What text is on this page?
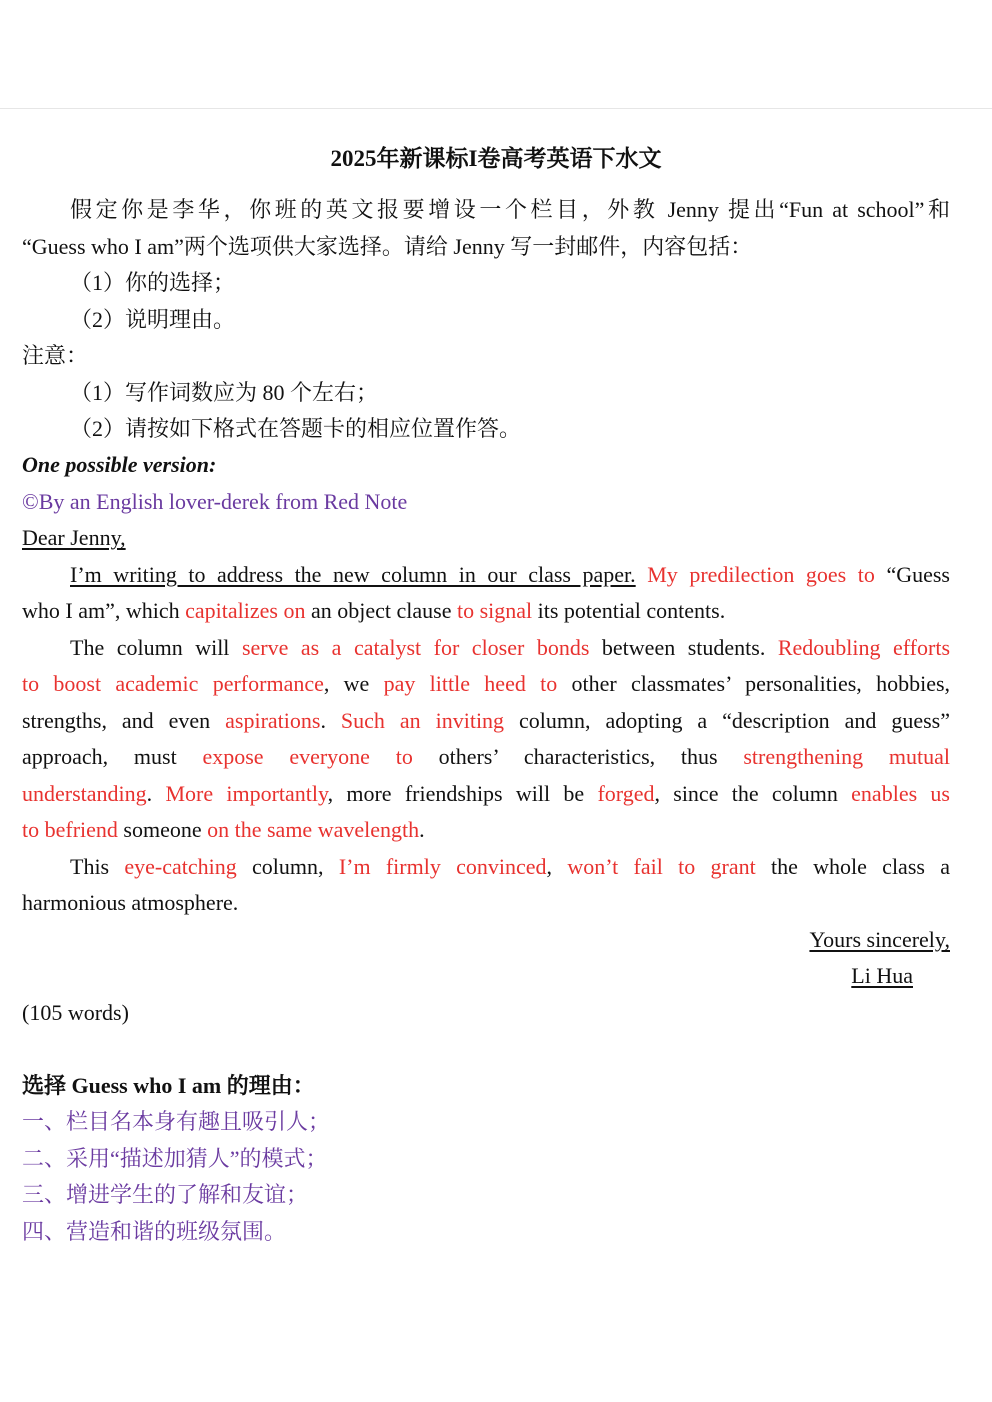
2025年新课标I卷高考英语下水文
假定你是李华，你班的英文报要增设一个栏目，外教 Jenny 提出“Fun at school”和
“Guess who I am”两个选项供大家选择。请给 Jenny 写一封邮件，内容包括：
（1）你的选择；
（2）说明理由。
注意：
（1）写作词数应为 80 个左右；
（2）请按如下格式在答题卡的相应位置作答。
One possible version:
©By an English lover-derek from Red Note
Dear Jenny,
I’m writing to address the new column in our class paper. My predilection goes to “Guess
who I am”, which capitalizes on an object clause to signal its potential contents.
The column will serve as a catalyst for closer bonds between students. Redoubling efforts
to boost academic performance, we pay little heed to other classmates’ personalities, hobbies,
strengths, and even aspirations. Such an inviting column, adopting a “description and guess”
approach, must expose everyone to others’ characteristics, thus strengthening mutual
understanding. More importantly, more friendships will be forged, since the column enables us
to befriend someone on the same wavelength.
This eye-catching column, I’m firmly convinced, won’t fail to grant the whole class a
harmonious atmosphere.
Yours sincerely,
Li Hua
(105 words)
选择 Guess who I am 的理由：
一、栏目名本身有趣且吸引人；
二、采用“描述加猜人”的模式；
三、增进学生的了解和友谊；
四、营造和谐的班级氛围。
